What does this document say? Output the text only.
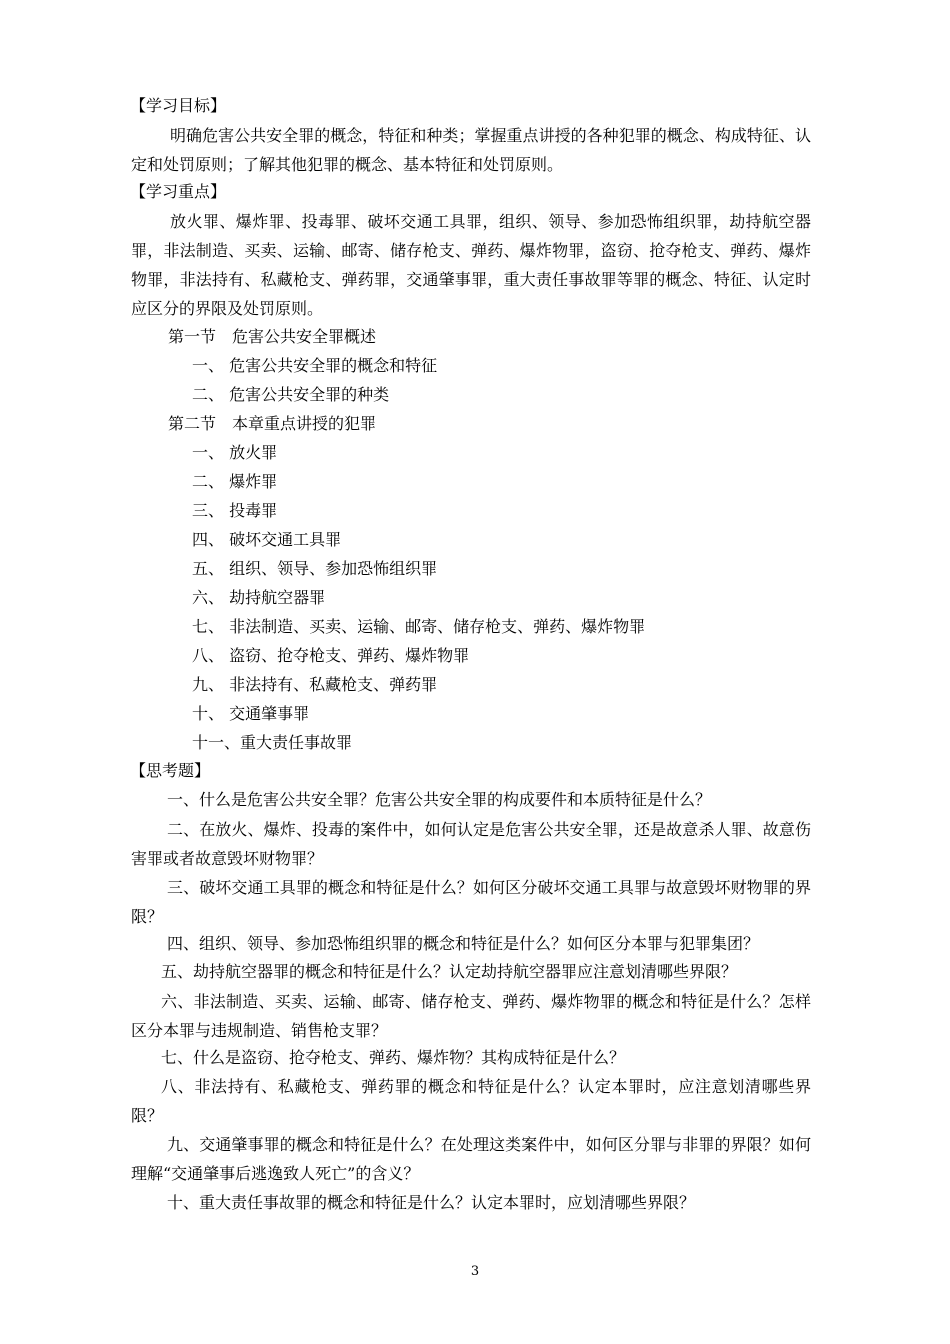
【学习目标】
明确危害公共安全罪的概念，特征和种类；掌握重点讲授的各种犯罪的概念、构成特征、认定和处罚原则；了解其他犯罪的概念、基本特征和处罚原则。
【学习重点】
放火罪、爆炸罪、投毒罪、破坏交通工具罪，组织、领导、参加恐怖组织罪，劫持航空器罪，非法制造、买卖、运输、邮寄、储存枪支、弹药、爆炸物罪，盗窃、抢夺枪支、弹药、爆炸物罪，非法持有、私藏枪支、弹药罪，交通肇事罪，重大责任事故罪等罪的概念、特征、认定时应区分的界限及处罚原则。
第一节　危害公共安全罪概述
一、 危害公共安全罪的概念和特征
二、 危害公共安全罪的种类
第二节　本章重点讲授的犯罪
一、 放火罪
二、 爆炸罪
三、 投毒罪
四、 破坏交通工具罪
五、 组织、领导、参加恐怖组织罪
六、 劫持航空器罪
七、 非法制造、买卖、运输、邮寄、储存枪支、弹药、爆炸物罪
八、 盗窃、抢夺枪支、弹药、爆炸物罪
九、 非法持有、私藏枪支、弹药罪
十、 交通肇事罪
十一、重大责任事故罪
【思考题】
一、什么是危害公共安全罪？危害公共安全罪的构成要件和本质特征是什么？
二、在放火、爆炸、投毒的案件中，如何认定是危害公共安全罪，还是故意杀人罪、故意伤害罪或者故意毁坏财物罪？
三、破坏交通工具罪的概念和特征是什么？如何区分破坏交通工具罪与故意毁坏财物罪的界限？
四、组织、领导、参加恐怖组织罪的概念和特征是什么？如何区分本罪与犯罪集团？
五、劫持航空器罪的概念和特征是什么？认定劫持航空器罪应注意划清哪些界限？
六、非法制造、买卖、运输、邮寄、储存枪支、弹药、爆炸物罪的概念和特征是什么？怎样区分本罪与违规制造、销售枪支罪？
七、什么是盗窃、抢夺枪支、弹药、爆炸物？其构成特征是什么？
八、非法持有、私藏枪支、弹药罪的概念和特征是什么？认定本罪时，应注意划清哪些界限？
九、交通肇事罪的概念和特征是什么？在处理这类案件中，如何区分罪与非罪的界限？如何理解“交通肇事后逃逸致人死亡”的含义？
十、重大责任事故罪的概念和特征是什么？认定本罪时，应划清哪些界限？
3
